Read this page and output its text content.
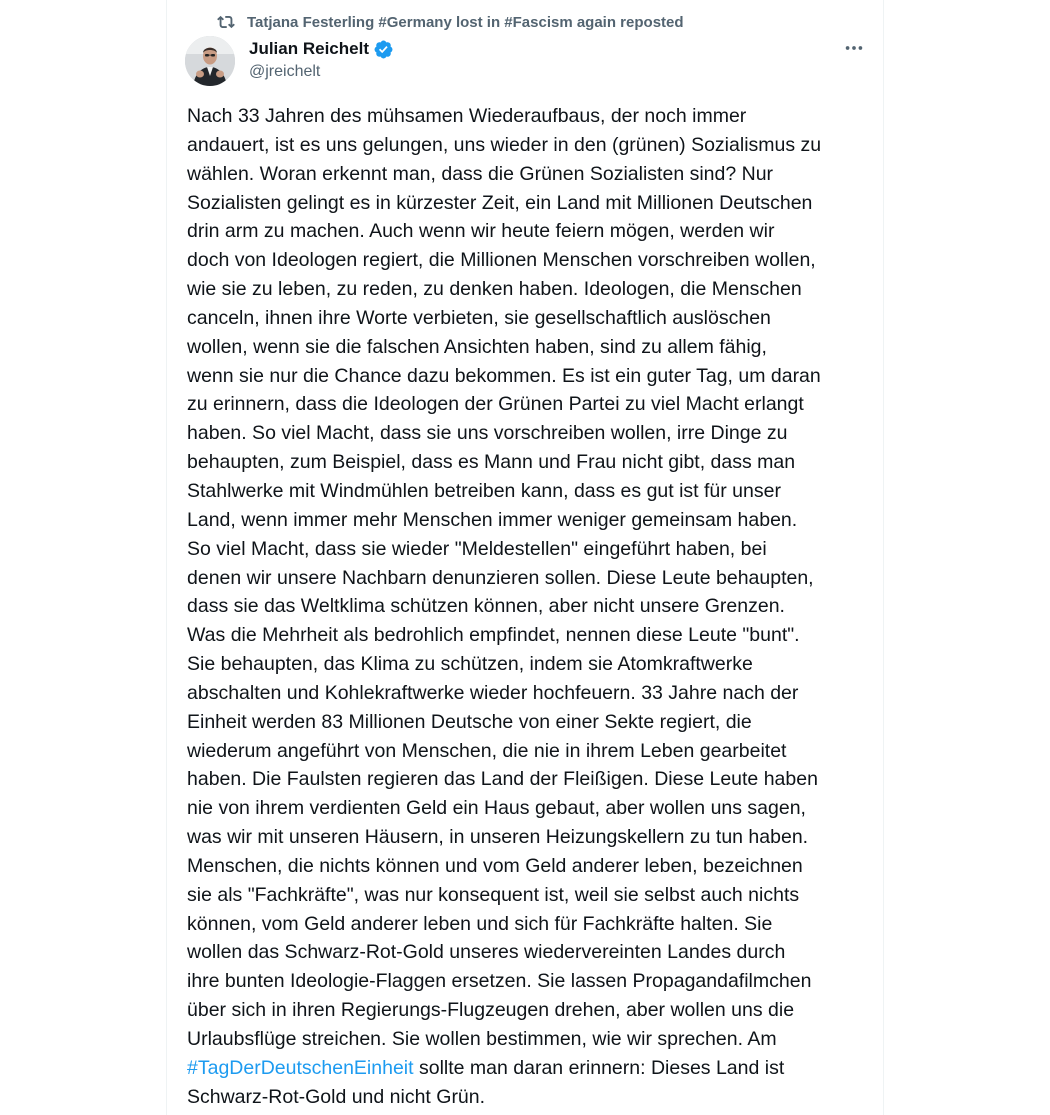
Tatjana Festerling #Germany lost in #Fascism again reposted
Julian Reichelt
@jreichelt
Nach 33 Jahren des mühsamen Wiederaufbaus, der noch immer
andauert, ist es uns gelungen, uns wieder in den (grünen) Sozialismus zu
wählen. Woran erkennt man, dass die Grünen Sozialisten sind? Nur
Sozialisten gelingt es in kürzester Zeit, ein Land mit Millionen Deutschen
drin arm zu machen. Auch wenn wir heute feiern mögen, werden wir
doch von Ideologen regiert, die Millionen Menschen vorschreiben wollen,
wie sie zu leben, zu reden, zu denken haben. Ideologen, die Menschen
canceln, ihnen ihre Worte verbieten, sie gesellschaftlich auslöschen
wollen, wenn sie die falschen Ansichten haben, sind zu allem fähig,
wenn sie nur die Chance dazu bekommen. Es ist ein guter Tag, um daran
zu erinnern, dass die Ideologen der Grünen Partei zu viel Macht erlangt
haben. So viel Macht, dass sie uns vorschreiben wollen, irre Dinge zu
behaupten, zum Beispiel, dass es Mann und Frau nicht gibt, dass man
Stahlwerke mit Windmühlen betreiben kann, dass es gut ist für unser
Land, wenn immer mehr Menschen immer weniger gemeinsam haben.
So viel Macht, dass sie wieder "Meldestellen" eingeführt haben, bei
denen wir unsere Nachbarn denunzieren sollen. Diese Leute behaupten,
dass sie das Weltklima schützen können, aber nicht unsere Grenzen.
Was die Mehrheit als bedrohlich empfindet, nennen diese Leute "bunt".
Sie behaupten, das Klima zu schützen, indem sie Atomkraftwerke
abschalten und Kohlekraftwerke wieder hochfeuern. 33 Jahre nach der
Einheit werden 83 Millionen Deutsche von einer Sekte regiert, die
wiederum angeführt von Menschen, die nie in ihrem Leben gearbeitet
haben. Die Faulsten regieren das Land der Fleißigen. Diese Leute haben
nie von ihrem verdienten Geld ein Haus gebaut, aber wollen uns sagen,
was wir mit unseren Häusern, in unseren Heizungskellern zu tun haben.
Menschen, die nichts können und vom Geld anderer leben, bezeichnen
sie als "Fachkräfte", was nur konsequent ist, weil sie selbst auch nichts
können, vom Geld anderer leben und sich für Fachkräfte halten. Sie
wollen das Schwarz-Rot-Gold unseres wiedervereinten Landes durch
ihre bunten Ideologie-Flaggen ersetzen. Sie lassen Propagandafilmchen
über sich in ihren Regierungs-Flugzeugen drehen, aber wollen uns die
Urlaubsflüge streichen. Sie wollen bestimmen, wie wir sprechen. Am
#TagDerDeutschenEinheit sollte man daran erinnern: Dieses Land ist
Schwarz-Rot-Gold und nicht Grün.
